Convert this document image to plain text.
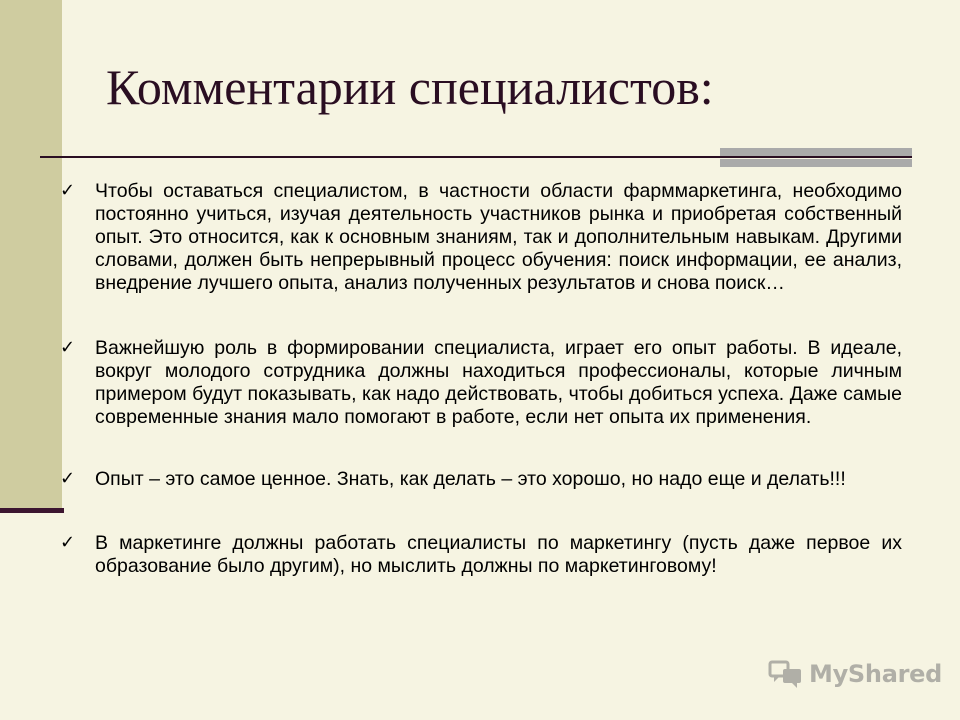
Комментарии специалистов:
✓	Чтобы оставаться специалистом, в частности области фарммаркетинга, необходимо постоянно учиться, изучая деятельность участников рынка и приобретая собственный опыт. Это относится, как к основным знаниям, так и дополнительным навыкам. Другими словами, должен быть непрерывный процесс обучения: поиск информации, ее анализ, внедрение лучшего опыта, анализ полученных результатов и снова поиск…
✓	Важнейшую роль в формировании специалиста, играет его опыт работы. В идеале, вокруг молодого сотрудника должны находиться профессионалы, которые личным примером будут показывать, как надо действовать, чтобы добиться успеха. Даже самые современные знания мало помогают в работе, если нет опыта их применения.
✓	Опыт – это самое ценное. Знать, как делать – это хорошо, но надо еще и делать!!!
✓	В маркетинге должны работать специалисты по маркетингу (пусть даже первое их образование было другим), но мыслить должны по маркетинговому!
MyShared
